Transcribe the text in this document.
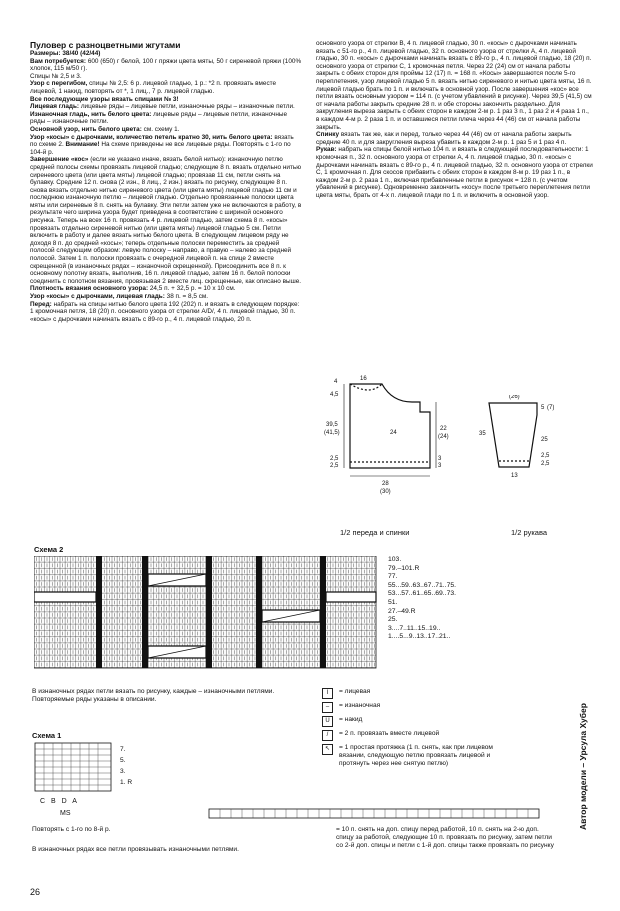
Пуловер с разноцветными жгутами

Размеры: 38/40 (42/44)

Вам потребуется: 600 (650) г белой, 100 г пряжи цвета мяты, 50 г сиреневой пряжи (100% хлопок, 115 м/50 г).

Спицы № 2,5 и 3.

Узор с перегибом, спицы № 2,5: 6 р. лицевой гладью, 1 р.: *2 п. провязать вместе лицевой, 1 накид, повторять от *, 1 лиц., 7 р. лицевой гладью.

Все последующие узоры вязать спицами № 3!

Лицевая гладь: лицевые ряды – лицевые петли, изнаночные ряды – изнаночные петли.

Изнаночная гладь, нить белого цвета: лицевые ряды – лицевые петли, изнаночные ряды – изнаночные петли.

Основной узор, нить белого цвета: см. схему 1.

Узор «косы» с дырочками, количество петель кратно 30, нить белого цвета: вязать по схеме 2. Внимание! На схеме приведены не все лицевые ряды. Повторять с 1-го по 104-й р.

Завершение «кос» (если не указано иначе, вязать белой нитью): изнаночную петлю средней полосы схемы провязать лицевой гладью; следующие 8 п. вязать отдельно нитью сиреневого цвета (или цвета мяты) лицевой гладью; провязав 11 см, петли снять на булавку. Средние 12 п. снова (2 изн., 8 лиц., 2 изн.) вязать по рисунку, следующие 8 п. снова вязать отдельно нитью сиреневого цвета (или цвета мяты) лицевой гладью 11 см и последнюю изнаночную петлю – лицевой гладью. Отдельно провязанные полоски цвета мяты или сиреневые 8 п. снять на булавку. Эти петли затем уже не включаются в работу, в результате чего ширина узора будет приведена в соответствие с шириной основного рисунка. Теперь на всех 16 п. провязать 4 р. лицевой гладью, затем схема 8 п. «косы» провязать отдельно сиреневой нитью (или цвета мяты) лицевой гладью 5 см. Петли включить в работу и далее вязать нитью белого цвета. В следующем лицевом ряду не доходя 8 п. до средней «косы»; теперь отдельные полоски переместить за средней полосой следующим образом: левую полоску – направо, а правую – налево за средней полосой. Затем 1 п. полоски провязать с очередной лицевой п. на спице 2 вместе скрещенной (в изнаночных рядах – изнаночной скрещенной). Присоединить все 8 п. к основному полотну вязать, выполнив, 16 п. лицевой гладью, затем 16 п. белой полоски соединить с полотном вязания, провязывая 2 вместе лиц. скрещенные, как описано выше.

Плотность вязания основного узора: 24,5 п. + 32,5 р. = 10 х 10 см.

Узор «косы» с дырочками, лицевая гладь: 38 п. = 8,5 см.

Перед: набрать на спицы нитью белого цвета 192 (202) п. и вязать в следующем порядке: 1 кромочная петля, 18 (20) п. основного узора от стрелки A/D/, 4 п. лицевой гладью, 30 п. «косы» с дырочками начинать вязать с 89-го р., 4 п. лицевой гладью, 20 п.

основного узора от стрелки B, 4 п. лицевой гладью, 30 п. «косы» с дырочками начинать вязать с 51-го р., 4 п. лицевой гладью, 32 п. основного узора от стрелки A, 4 п. лицевой гладью, 30 п. «косы» с дырочками начинать вязать с 89-го р., 4 п. лицевой гладью, 18 (20) п. основного узора от стрелки C, 1 кромочная петля. Через 22 (24) см от начала работы закрыть с обеих сторон для проймы 12 (17) п. = 168 п. «Косы» завершаются после 5-го переплетения, узор лицевой гладью 5 п. вязать нитью сиреневого и нитью цвета мяты, 16 п. лицевой гладью брать по 1 п. и включать в основной узор. После завершения «кос» все петли вязать основным узором = 114 п. (с учетом убавлений в рисунке). Через 39,5 (41,5) см от начала работы закрыть средние 28 п. и обе стороны закончить раздельно. Для закругления выреза закрыть с обеих сторон в каждом 2-м р. 1 раз 3 п., 1 раз 2 и 4 раза 1 п., в каждом 4-м р. 2 раза 1 п. и оставшиеся петли плеча через 44 (46) см от начала работы закрыть.

Спинку вязать так же, как и перед, только через 44 (46) см от начала работы закрыть средние 40 п. и для закругления выреза убавить в каждом 2-м р. 1 раз 5 и 1 раз 4 п.

Рукав: набрать на спицы белой нитью 104 п. и вязать в следующей последовательности: 1 кромочная п., 32 п. основного узора от стрелки A, 4 п. лицевой гладью, 30 п. «косы» с дырочками начинать вязать с 89-го р., 4 п. лицевой гладью, 32 п. основного узора от стрелки C, 1 кромочная п. Для скосов прибавить с обеих сторон в каждом 8-м р. 19 раз 1 п., в каждом 2-м р. 2 раза 1 п., включая прибавленные петли в рисунок = 128 п. (с учетом убавлений в рисунке). Одновременно закончить «косу» после третьего переплетения петли цвета мяты, брать от 4-х п. лицевой глади по 1 п. и включить в основной узор.

4
4,5
24
39,5
(41,5)
22
(24)
2,5
2,5
3
3
28
(30)
16
1/2 переда и спинки
5 (7)
35
25
2,5
2,5
13
(26)
1/2 рукава
Схема 2
103.
79.–101.R
77.
55...59..63..67..71..75.
53...57..61..65..69..73.
51.
27.–49.R
25.
3....7..11..15..19..
1....5...9..13..17..21..
В изнаночных рядах петли вязать по рисунку, каждые – изнаночными петлями. Повторяемые ряды указаны в описании.
Схема 1
7.
5.
3.
1. R
C B D A
MS
Повторять с 1-го по 8-й р.
В изнаночных рядах все петли провязывать изнаночными петлями.
I	= лицевая
–	= изнаночная
U	= накид
/	= 2 п. провязать вместе лицевой
↖	= 1 простая протяжка (1 п. снять, как при лицевом вязании, следующую петлю провязать лицевой и протянуть через нее снятую петлю)
= 10 п. снять на доп. спицу перед работой, 10 п. снять на 2-ю доп. спицу за работой, следующие 10 п. провязать по рисунку, затем петли со 2-й доп. спицы и петли с 1-й доп. спицы также провязать по рисунку
Автор модели – Урсула Хубер
26
